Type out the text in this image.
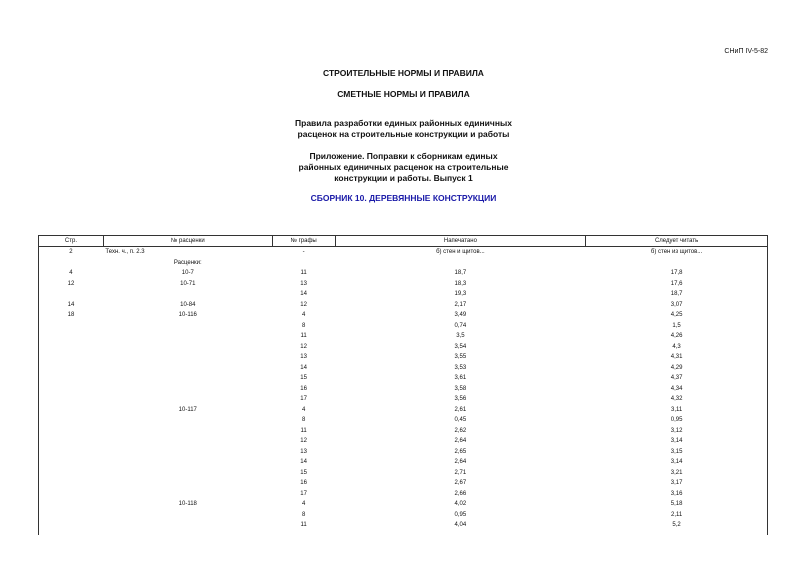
СНиП IV-5-82
СТРОИТЕЛЬНЫЕ НОРМЫ И ПРАВИЛА
СМЕТНЫЕ НОРМЫ И ПРАВИЛА
Правила разработки единых районных единичных
расценок на строительные конструкции и работы
Приложение. Поправки к сборникам единых
районных единичных расценок на строительные
конструкции и работы. Выпуск 1
СБОРНИК 10. ДЕРЕВЯННЫЕ КОНСТРУКЦИИ
Стр.	№ расценки	№ графы	Напечатано	Следует читать
2	Техн. ч., п. 2.3	-	б) стен и щитов...	б) стен из щитов...
	Расценки:			
4	10-7	11	18,7	17,8
12	10-71	13	18,3	17,6
		14	19,3	18,7
14	10-84	12	2,17	3,07
18	10-116	4	3,49	4,25
		8	0,74	1,5
		11	3,5	4,26
		12	3,54	4,3
		13	3,55	4,31
		14	3,53	4,29
		15	3,61	4,37
		16	3,58	4,34
		17	3,56	4,32
	10-117	4	2,61	3,11
		8	0,45	0,95
		11	2,62	3,12
		12	2,64	3,14
		13	2,65	3,15
		14	2,64	3,14
		15	2,71	3,21
		16	2,67	3,17
		17	2,66	3,16
	10-118	4	4,02	5,18
		8	0,95	2,11
		11	4,04	5,2
